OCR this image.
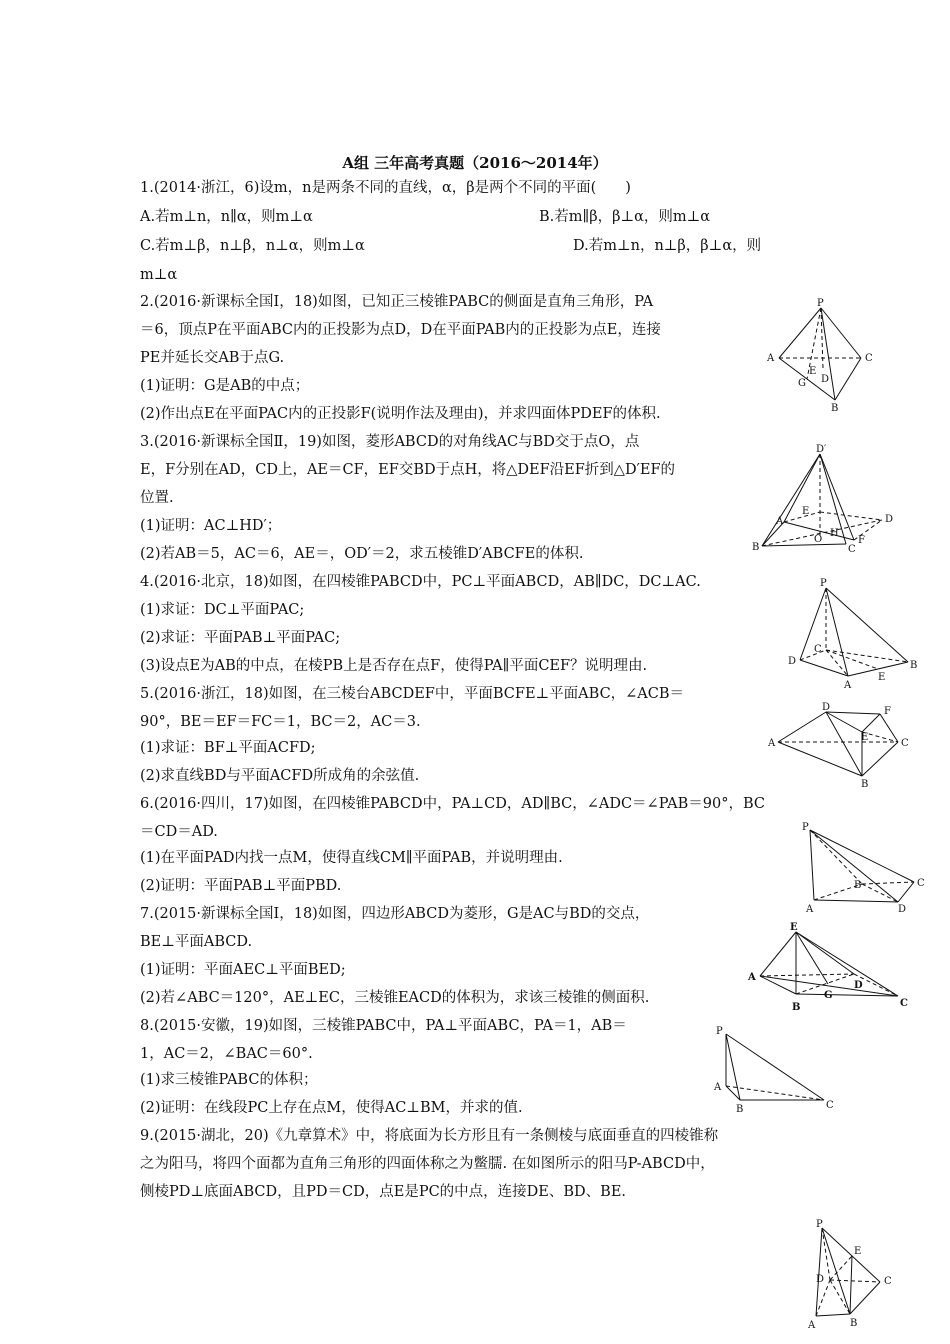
A组 三年高考真题（2016～2014年）
1.(2014·浙江，6)设m，n是两条不同的直线，α，β是两个不同的平面(　　)
A.若m⊥n，n∥α，则m⊥α	B.若m∥β，β⊥α，则m⊥α
C.若m⊥β，n⊥β，n⊥α，则m⊥α	D.若m⊥n，n⊥β，β⊥α，则
m⊥α
2.(2016·新课标全国Ⅰ，18)如图，已知正三棱锥PABC的侧面是直角三角形，PA
＝6，顶点P在平面ABC内的正投影为点D，D在平面PAB内的正投影为点E，连接
PE并延长交AB于点G.
(1)证明：G是AB的中点；
(2)作出点E在平面PAC内的正投影F(说明作法及理由)，并求四面体PDEF的体积.
3.(2016·新课标全国Ⅱ，19)如图，菱形ABCD的对角线AC与BD交于点O，点
E，F分别在AD，CD上，AE＝CF，EF交BD于点H，将△DEF沿EF折到△D′EF的
位置.
(1)证明：AC⊥HD′；
(2)若AB＝5，AC＝6，AE＝，OD′＝2，求五棱锥D′ABCFE的体积.
4.(2016·北京，18)如图，在四棱锥PABCD中，PC⊥平面ABCD，AB∥DC，DC⊥AC.
(1)求证：DC⊥平面PAC;
(2)求证：平面PAB⊥平面PAC;
(3)设点E为AB的中点，在棱PB上是否存在点F，使得PA∥平面CEF？说明理由.
5.(2016·浙江，18)如图，在三棱台ABCDEF中，平面BCFE⊥平面ABC，∠ACB＝
90°，BE＝EF＝FC＝1，BC＝2，AC＝3.
(1)求证：BF⊥平面ACFD;
(2)求直线BD与平面ACFD所成角的余弦值.
6.(2016·四川，17)如图，在四棱锥PABCD中，PA⊥CD，AD∥BC，∠ADC＝∠PAB＝90°，BC
＝CD＝AD.
(1)在平面PAD内找一点M，使得直线CM∥平面PAB，并说明理由.
(2)证明：平面PAB⊥平面PBD.
7.(2015·新课标全国Ⅰ，18)如图，四边形ABCD为菱形，G是AC与BD的交点，
BE⊥平面ABCD.
(1)证明：平面AEC⊥平面BED;
(2)若∠ABC＝120°，AE⊥EC，三棱锥EACD的体积为，求该三棱锥的侧面积.
8.(2015·安徽，19)如图，三棱锥PABC中，PA⊥平面ABC，PA＝1，AB＝
1，AC＝2，∠BAC＝60°.
(1)求三棱锥PABC的体积；
(2)证明：在线段PC上存在点M，使得AC⊥BM，并求的值.
9.(2015·湖北，20)《九章算术》中，将底面为长方形且有一条侧棱与底面垂直的四棱锥称
之为阳马，将四个面都为直角三角形的四面体称之为鳖臑. 在如图所示的阳马P-ABCD中，
侧棱PD⊥底面ABCD，且PD＝CD，点E是PC的中点，连接DE、BD、BE.
P
A	C
E
G D
B
D′
E
D
A
H
B
O
C
F
P
C
D
A
E
B
D	F
A
E
C
B
P
B	C
A	D
E
A
D
G
C
B
P
A
B	C
P
E
D	C
A	B
